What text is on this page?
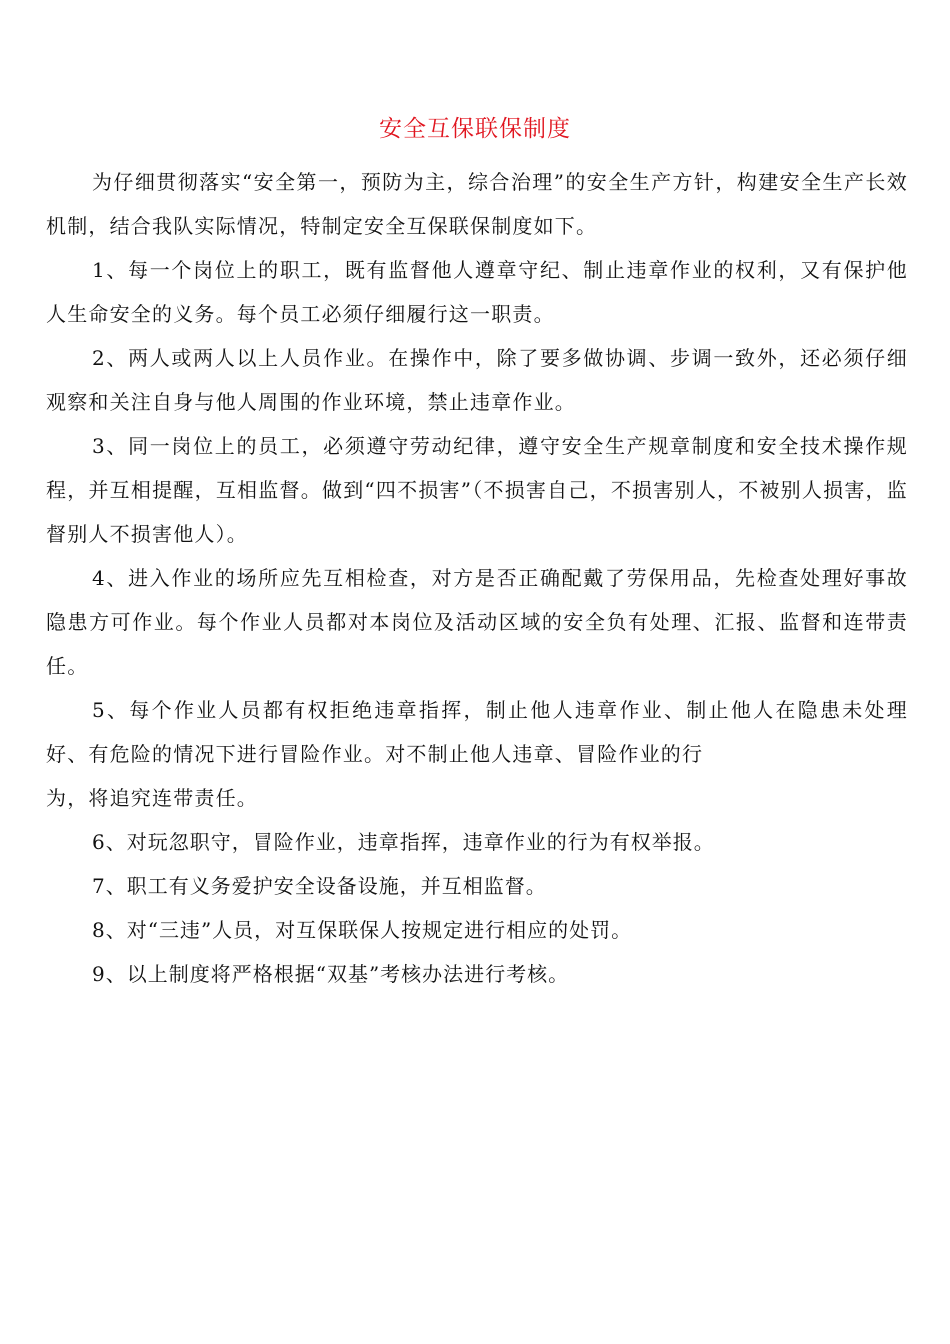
安全互保联保制度

为仔细贯彻落实“安全第一，预防为主，综合治理”的安全生产方针，构建安全生产长效机制，结合我队实际情况，特制定安全互保联保制度如下。

1、每一个岗位上的职工，既有监督他人遵章守纪、制止违章作业的权利，又有保护他人生命安全的义务。每个员工必须仔细履行这一职责。

2、两人或两人以上人员作业。在操作中，除了要多做协调、步调一致外，还必须仔细观察和关注自身与他人周围的作业环境，禁止违章作业。

3、同一岗位上的员工，必须遵守劳动纪律，遵守安全生产规章制度和安全技术操作规程，并互相提醒，互相监督。做到“四不损害”（不损害自己，不损害别人，不被别人损害，监督别人不损害他人）。

4、进入作业的场所应先互相检查，对方是否正确配戴了劳保用品，先检查处理好事故隐患方可作业。每个作业人员都对本岗位及活动区域的安全负有处理、汇报、监督和连带责任。

5、每个作业人员都有权拒绝违章指挥，制止他人违章作业、制止他人在隐患未处理好、有危险的情况下进行冒险作业。对不制止他人违章、冒险作业的行

为，将追究连带责任。

6、对玩忽职守，冒险作业，违章指挥，违章作业的行为有权举报。

7、职工有义务爱护安全设备设施，并互相监督。

8、对“三违”人员，对互保联保人按规定进行相应的处罚。

9、以上制度将严格根据“双基”考核办法进行考核。
